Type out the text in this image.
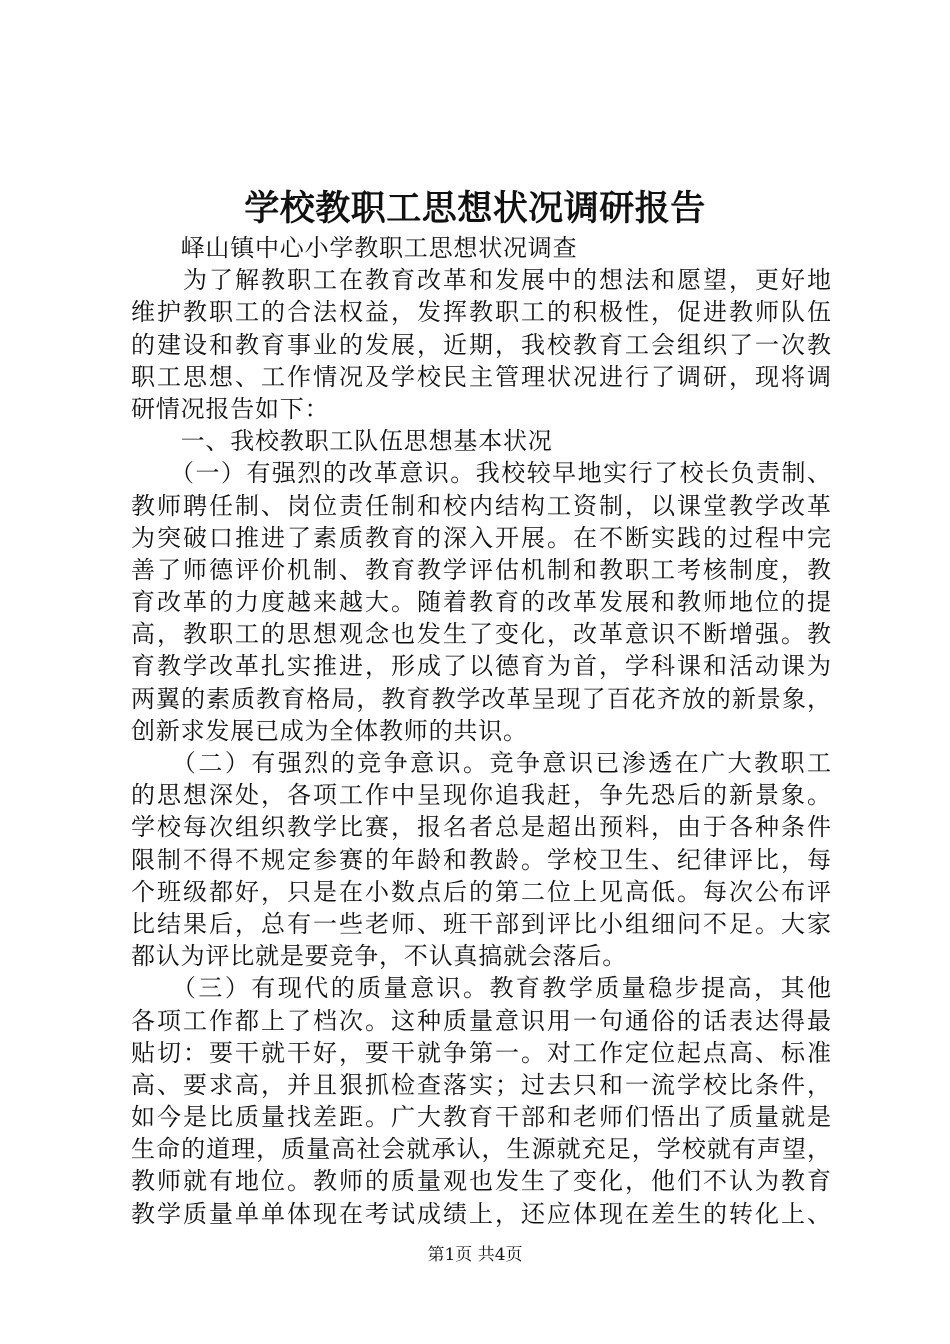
学校教职工思想状况调研报告
　　峄山镇中心小学教职工思想状况调查
　　为了解教职工在教育改革和发展中的想法和愿望，更好地
维护教职工的合法权益，发挥教职工的积极性，促进教师队伍
的建设和教育事业的发展，近期，我校教育工会组织了一次教
职工思想、工作情况及学校民主管理状况进行了调研，现将调
研情况报告如下：
　　一、我校教职工队伍思想基本状况
　　（一）有强烈的改革意识。我校较早地实行了校长负责制、
教师聘任制、岗位责任制和校内结构工资制，以课堂教学改革
为突破口推进了素质教育的深入开展。在不断实践的过程中完
善了师德评价机制、教育教学评估机制和教职工考核制度，教
育改革的力度越来越大。随着教育的改革发展和教师地位的提
高，教职工的思想观念也发生了变化，改革意识不断增强。教
育教学改革扎实推进，形成了以德育为首，学科课和活动课为
两翼的素质教育格局，教育教学改革呈现了百花齐放的新景象，
创新求发展已成为全体教师的共识。
　　（二）有强烈的竞争意识。竞争意识已渗透在广大教职工
的思想深处，各项工作中呈现你追我赶，争先恐后的新景象。
学校每次组织教学比赛，报名者总是超出预料，由于各种条件
限制不得不规定参赛的年龄和教龄。学校卫生、纪律评比，每
个班级都好，只是在小数点后的第二位上见高低。每次公布评
比结果后，总有一些老师、班干部到评比小组细问不足。大家
都认为评比就是要竞争，不认真搞就会落后。
　　（三）有现代的质量意识。教育教学质量稳步提高，其他
各项工作都上了档次。这种质量意识用一句通俗的话表达得最
贴切：要干就干好，要干就争第一。对工作定位起点高、标准
高、要求高，并且狠抓检查落实；过去只和一流学校比条件，
如今是比质量找差距。广大教育干部和老师们悟出了质量就是
生命的道理，质量高社会就承认，生源就充足，学校就有声望，
教师就有地位。教师的质量观也发生了变化，他们不认为教育
教学质量单单体现在考试成绩上，还应体现在差生的转化上、
第1页 共4页
